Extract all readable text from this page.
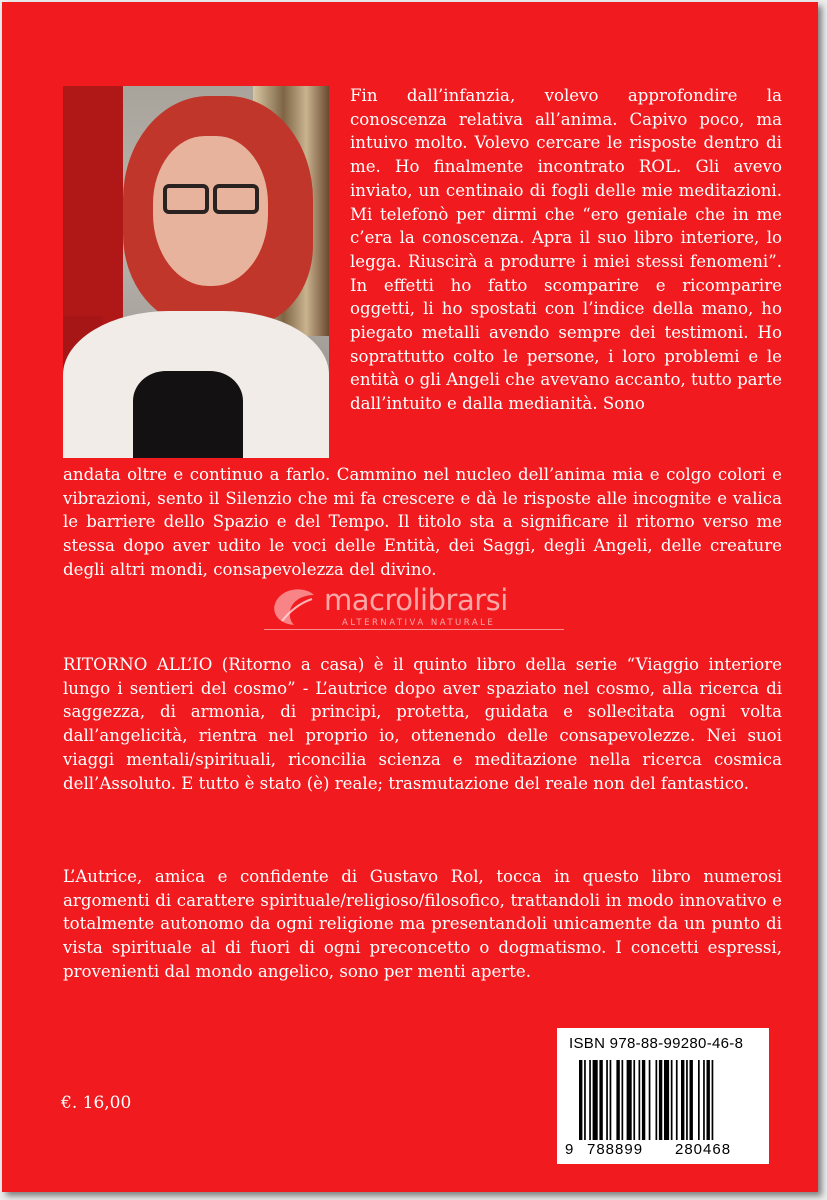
Fin dall’infanzia, volevo approfondire la conoscenza relativa all’anima. Capivo poco, ma intuivo molto. Volevo cercare le risposte dentro di me. Ho finalmente incontrato ROL. Gli avevo inviato, un centinaio di fogli delle mie meditazioni. Mi telefonò per dirmi che “ero geniale che in me c’era la conoscenza. Apra il suo libro interiore, lo legga. Riuscirà a produrre i miei stessi fenomeni”. In effetti ho fatto scomparire e ricomparire oggetti, li ho spostati con l’indice della mano, ho piegato metalli avendo sempre dei testimoni. Ho soprattutto colto le persone, i loro problemi e le entità o gli Angeli che avevano accanto, tutto parte dall’intuito e dalla medianità. Sono

andata oltre e continuo a farlo. Cammino nel nucleo dell’anima mia e colgo colori e vibrazioni, sento il Silenzio che mi fa crescere e dà le risposte alle incognite e valica le barriere dello Spazio e del Tempo. Il titolo sta a significare il ritorno verso me stessa dopo aver udito le voci delle Entità, dei Saggi, degli Angeli, delle creature degli altri mondi, consapevolezza del divino.

macrolibrarsi
ALTERNATIVA NATURALE

RITORNO ALL’IO (Ritorno a casa) è il quinto libro della serie “Viaggio interiore lungo i sentieri del cosmo” - L’autrice dopo aver spaziato nel cosmo, alla ricerca di saggezza, di armonia, di principi, protetta, guidata e sollecitata ogni volta dall’angelicità, rientra nel proprio io, ottenendo delle consapevolezze. Nei suoi viaggi mentali/spirituali, riconcilia scienza e meditazione nella ricerca cosmica dell’Assoluto. E tutto è stato (è) reale; trasmutazione del reale non del fantastico.

L’Autrice, amica e confidente di Gustavo Rol, tocca in questo libro numerosi argomenti di carattere spirituale/religioso/filosofico, trattandoli in modo innovativo e totalmente autonomo da ogni religione ma presentandoli unicamente da un punto di vista spirituale al di fuori di ogni preconcetto o dogmatismo. I concetti espressi, provenienti dal mondo angelico, sono per menti aperte.

€. 16,00
ISBN 978-88-99280-46-8
9 788899 280468
